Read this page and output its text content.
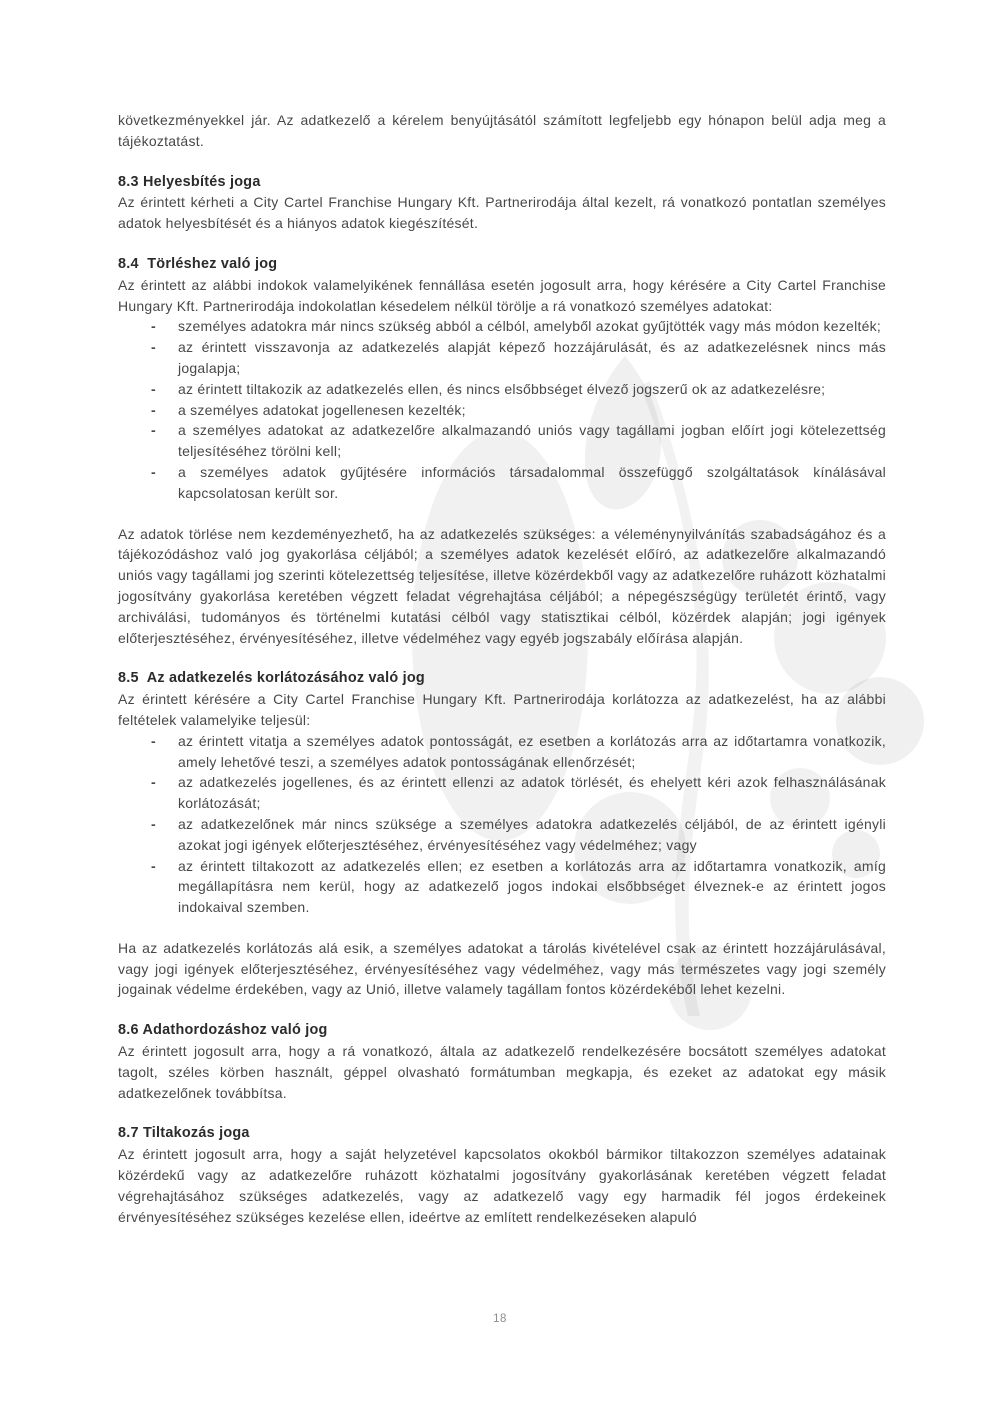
következményekkel jár. Az adatkezelő a kérelem benyújtásától számított legfeljebb egy hónapon belül adja meg a tájékoztatást.

8.3 Helyesbítés joga

Az érintett kérheti a City Cartel Franchise Hungary Kft. Partnerirodája által kezelt, rá vonatkozó pontatlan személyes adatok helyesbítését és a hiányos adatok kiegészítését.

8.4  Törléshez való jog

Az érintett az alábbi indokok valamelyikének fennállása esetén jogosult arra, hogy kérésére a City Cartel Franchise Hungary Kft. Partnerirodája indokolatlan késedelem nélkül törölje a rá vonatkozó személyes adatokat:

- személyes adatokra már nincs szükség abból a célból, amelyből azokat gyűjtötték vagy más módon kezelték;
- az érintett visszavonja az adatkezelés alapját képező hozzájárulását, és az adatkezelésnek nincs más jogalapja;
- az érintett tiltakozik az adatkezelés ellen, és nincs elsőbbséget élvező jogszerű ok az adatkezelésre;
- a személyes adatokat jogellenesen kezelték;
- a személyes adatokat az adatkezelőre alkalmazandó uniós vagy tagállami jogban előírt jogi kötelezettség teljesítéséhez törölni kell;
- a személyes adatok gyűjtésére információs társadalommal összefüggő szolgáltatások kínálásával kapcsolatosan került sor.

Az adatok törlése nem kezdeményezhető, ha az adatkezelés szükséges: a véleménynyilvánítás szabadságához és a tájékozódáshoz való jog gyakorlása céljából; a személyes adatok kezelését előíró, az adatkezelőre alkalmazandó uniós vagy tagállami jog szerinti kötelezettség teljesítése, illetve közérdekből vagy az adatkezelőre ruházott közhatalmi jogosítvány gyakorlása keretében végzett feladat végrehajtása céljából; a népegészségügy területét érintő, vagy archiválási, tudományos és történelmi kutatási célból vagy statisztikai célból, közérdek alapján; jogi igények előterjesztéséhez, érvényesítéséhez, illetve védelméhez vagy egyéb jogszabály előírása alapján.

8.5  Az adatkezelés korlátozásához való jog

Az érintett kérésére a City Cartel Franchise Hungary Kft. Partnerirodája korlátozza az adatkezelést, ha az alábbi feltételek valamelyike teljesül:

- az érintett vitatja a személyes adatok pontosságát, ez esetben a korlátozás arra az időtartamra vonatkozik, amely lehetővé teszi, a személyes adatok pontosságának ellenőrzését;
- az adatkezelés jogellenes, és az érintett ellenzi az adatok törlését, és ehelyett kéri azok felhasználásának korlátozását;
- az adatkezelőnek már nincs szüksége a személyes adatokra adatkezelés céljából, de az érintett igényli azokat jogi igények előterjesztéséhez, érvényesítéséhez vagy védelméhez; vagy
- az érintett tiltakozott az adatkezelés ellen; ez esetben a korlátozás arra az időtartamra vonatkozik, amíg megállapításra nem kerül, hogy az adatkezelő jogos indokai elsőbbséget élveznek-e az érintett jogos indokaival szemben.

Ha az adatkezelés korlátozás alá esik, a személyes adatokat a tárolás kivételével csak az érintett hozzájárulásával, vagy jogi igények előterjesztéséhez, érvényesítéséhez vagy védelméhez, vagy más természetes vagy jogi személy jogainak védelme érdekében, vagy az Unió, illetve valamely tagállam fontos közérdekéből lehet kezelni.

8.6 Adathordozáshoz való jog

Az érintett jogosult arra, hogy a rá vonatkozó, általa az adatkezelő rendelkezésére bocsátott személyes adatokat tagolt, széles körben használt, géppel olvasható formátumban megkapja, és ezeket az adatokat egy másik adatkezelőnek továbbítsa.

8.7 Tiltakozás joga

Az érintett jogosult arra, hogy a saját helyzetével kapcsolatos okokból bármikor tiltakozzon személyes adatainak közérdekű vagy az adatkezelőre ruházott közhatalmi jogosítvány gyakorlásának keretében végzett feladat végrehajtásához szükséges adatkezelés, vagy az adatkezelő vagy egy harmadik fél jogos érdekeinek érvényesítéséhez szükséges kezelése ellen, ideértve az említett rendelkezéseken alapuló

18
